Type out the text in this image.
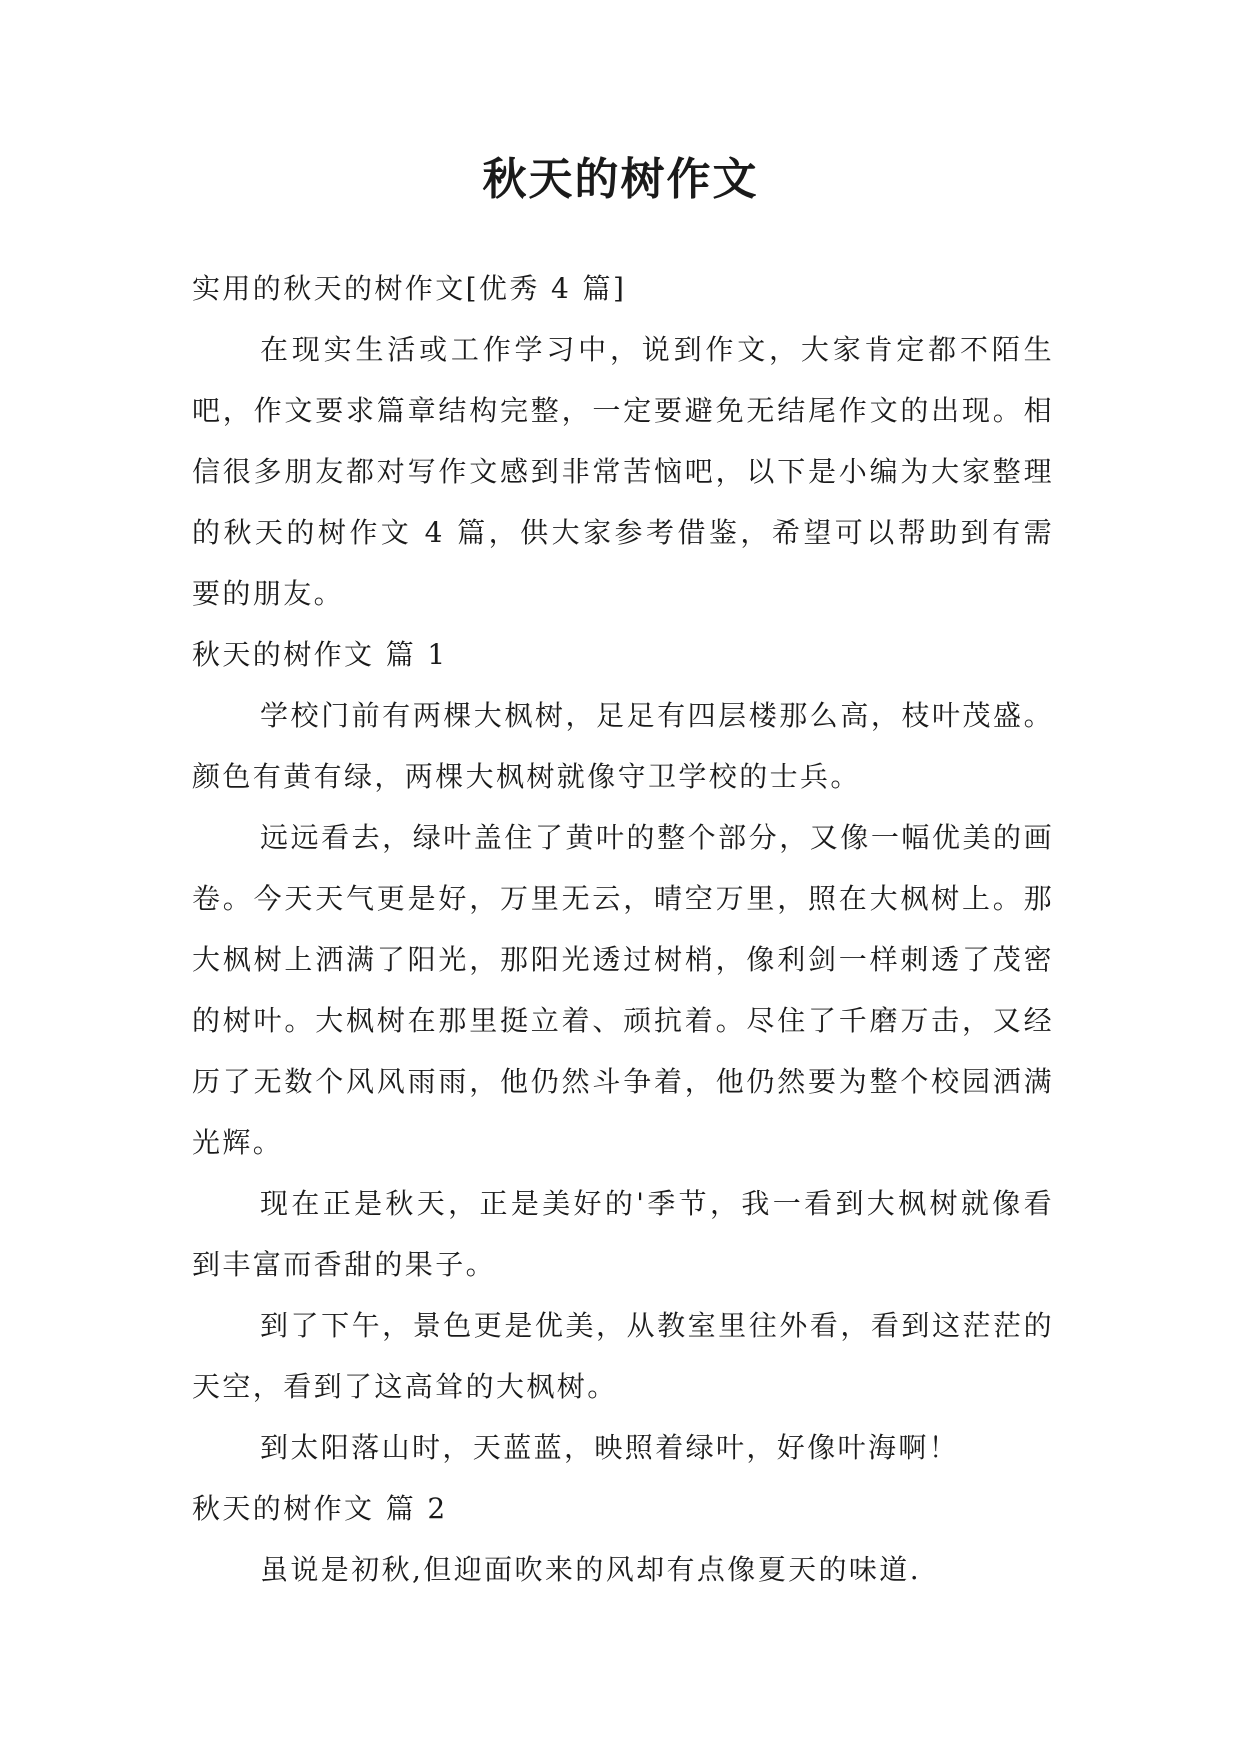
秋天的树作文
实用的秋天的树作文[优秀 4 篇]

在现实生活或工作学习中，说到作文，大家肯定都不陌生吧，作文要求篇章结构完整，一定要避免无结尾作文的出现。相信很多朋友都对写作文感到非常苦恼吧，以下是小编为大家整理的秋天的树作文 4 篇，供大家参考借鉴，希望可以帮助到有需要的朋友。

秋天的树作文 篇 1

学校门前有两棵大枫树，足足有四层楼那么高，枝叶茂盛。颜色有黄有绿，两棵大枫树就像守卫学校的士兵。

远远看去，绿叶盖住了黄叶的整个部分，又像一幅优美的画卷。今天天气更是好，万里无云，晴空万里，照在大枫树上。那大枫树上洒满了阳光，那阳光透过树梢，像利剑一样刺透了茂密的树叶。大枫树在那里挺立着、顽抗着。尽住了千磨万击，又经历了无数个风风雨雨，他仍然斗争着，他仍然要为整个校园洒满光辉。

现在正是秋天，正是美好的'季节，我一看到大枫树就像看到丰富而香甜的果子。

到了下午，景色更是优美，从教室里往外看，看到这茫茫的天空，看到了这高耸的大枫树。

到太阳落山时，天蓝蓝，映照着绿叶，好像叶海啊！

秋天的树作文 篇 2

虽说是初秋,但迎面吹来的风却有点像夏天的味道.
